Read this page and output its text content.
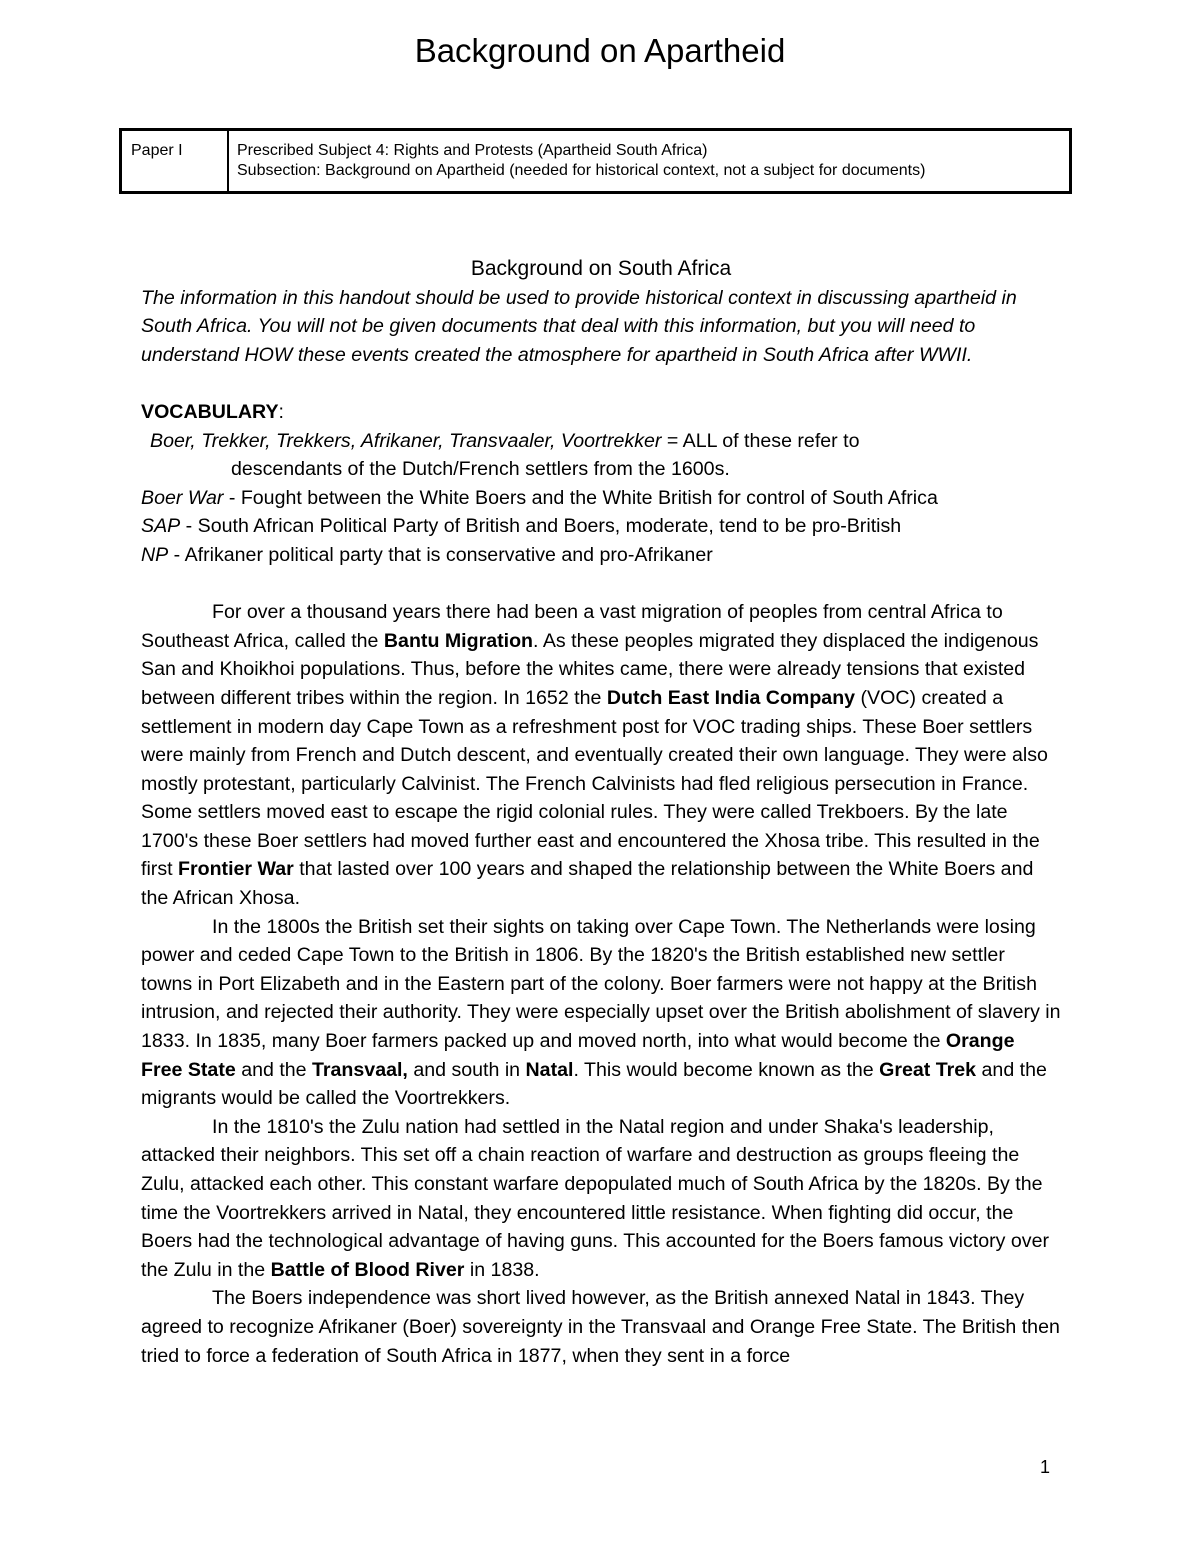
Background on Apartheid
Paper I	Prescribed Subject 4: Rights and Protests (Apartheid South Africa)
Subsection: Background on Apartheid (needed for historical context, not a subject for documents)

Background on South Africa

The information in this handout should be used to provide historical context in discussing apartheid in South Africa. You will not be given documents that deal with this information, but you will need to understand HOW these events created the atmosphere for apartheid in South Africa after WWII.

VOCABULARY:

Boer, Trekker, Trekkers, Afrikaner, Transvaaler, Voortrekker = ALL of these refer to

descendants of the Dutch/French settlers from the 1600s.

Boer War - Fought between the White Boers and the White British for control of South Africa

SAP - South African Political Party of British and Boers, moderate, tend to be pro-British

NP - Afrikaner political party that is conservative and pro-Afrikaner

For over a thousand years there had been a vast migration of peoples from central Africa to Southeast Africa, called the Bantu Migration. As these peoples migrated they displaced the indigenous San and Khoikhoi populations. Thus, before the whites came, there were already tensions that existed between different tribes within the region. In 1652 the Dutch East India Company (VOC) created a settlement in modern day Cape Town as a refreshment post for VOC trading ships. These Boer settlers were mainly from French and Dutch descent, and eventually created their own language. They were also mostly protestant, particularly Calvinist. The French Calvinists had fled religious persecution in France. Some settlers moved east to escape the rigid colonial rules. They were called Trekboers. By the late 1700's these Boer settlers had moved further east and encountered the Xhosa tribe. This resulted in the first Frontier War that lasted over 100 years and shaped the relationship between the White Boers and the African Xhosa.

In the 1800s the British set their sights on taking over Cape Town. The Netherlands were losing power and ceded Cape Town to the British in 1806. By the 1820's the British established new settler towns in Port Elizabeth and in the Eastern part of the colony. Boer farmers were not happy at the British intrusion, and rejected their authority. They were especially upset over the British abolishment of slavery in 1833. In 1835, many Boer farmers packed up and moved north, into what would become the Orange Free State and the Transvaal, and south in Natal. This would become known as the Great Trek and the migrants would be called the Voortrekkers.

In the 1810's the Zulu nation had settled in the Natal region and under Shaka's leadership, attacked their neighbors. This set off a chain reaction of warfare and destruction as groups fleeing the Zulu, attacked each other. This constant warfare depopulated much of South Africa by the 1820s. By the time the Voortrekkers arrived in Natal, they encountered little resistance. When fighting did occur, the Boers had the technological advantage of having guns. This accounted for the Boers famous victory over the Zulu in the Battle of Blood River in 1838.

The Boers independence was short lived however, as the British annexed Natal in 1843. They agreed to recognize Afrikaner (Boer) sovereignty in the Transvaal and Orange Free State. The British then tried to force a federation of South Africa in 1877, when they sent in a force

1
